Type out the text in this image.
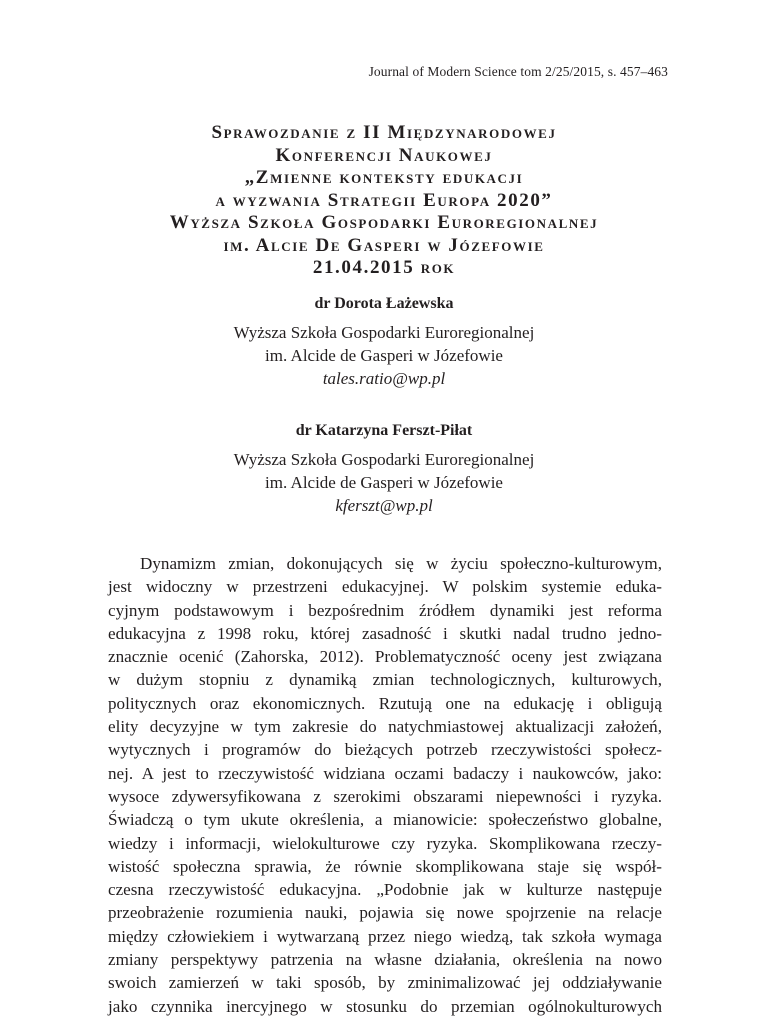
Journal of Modern Science tom 2/25/2015, s. 457–463
Sprawozdanie z II Międzynarodowej
Konferencji Naukowej
„Zmienne konteksty edukacji
a wyzwania Strategii Europa 2020”
Wyższa Szkoła Gospodarki Euroregionalnej
im. Alcie De Gasperi w Józefowie
21.04.2015 rok
dr Dorota Łażewska
Wyższa Szkoła Gospodarki Euroregionalnej
im. Alcide de Gasperi w Józefowie
tales.ratio@wp.pl
dr Katarzyna Ferszt-Piłat
Wyższa Szkoła Gospodarki Euroregionalnej
im. Alcide de Gasperi w Józefowie
kferszt@wp.pl
Dynamizm zmian, dokonujących się w życiu społeczno-kulturowym,
jest widoczny w przestrzeni edukacyjnej. W polskim systemie eduka-
cyjnym podstawowym i bezpośrednim źródłem dynamiki jest reforma
edukacyjna z 1998 roku, której zasadność i skutki nadal trudno jedno-
znacznie ocenić (Zahorska, 2012). Problematyczność oceny jest związana
w dużym stopniu z dynamiką zmian technologicznych, kulturowych,
politycznych oraz ekonomicznych. Rzutują one na edukację i obligują
elity decyzyjne w tym zakresie do natychmiastowej aktualizacji założeń,
wytycznych i programów do bieżących potrzeb rzeczywistości społecz-
nej. A jest to rzeczywistość widziana oczami badaczy i naukowców, jako:
wysoce zdywersyfikowana z szerokimi obszarami niepewności i ryzyka.
Świadczą o tym ukute określenia, a mianowicie: społeczeństwo globalne,
wiedzy i informacji, wielokulturowe czy ryzyka. Skomplikowana rzeczy-
wistość społeczna sprawia, że równie skomplikowana staje się współ-
czesna rzeczywistość edukacyjna. „Podobnie jak w kulturze następuje
przeobrażenie rozumienia nauki, pojawia się nowe spojrzenie na relacje
między człowiekiem i wytwarzaną przez niego wiedzą, tak szkoła wymaga
zmiany perspektywy patrzenia na własne działania, określenia na nowo
swoich zamierzeń w taki sposób, by zminimalizować jej oddziaływanie
jako czynnika inercyjnego w stosunku do przemian ogólnokulturowych
